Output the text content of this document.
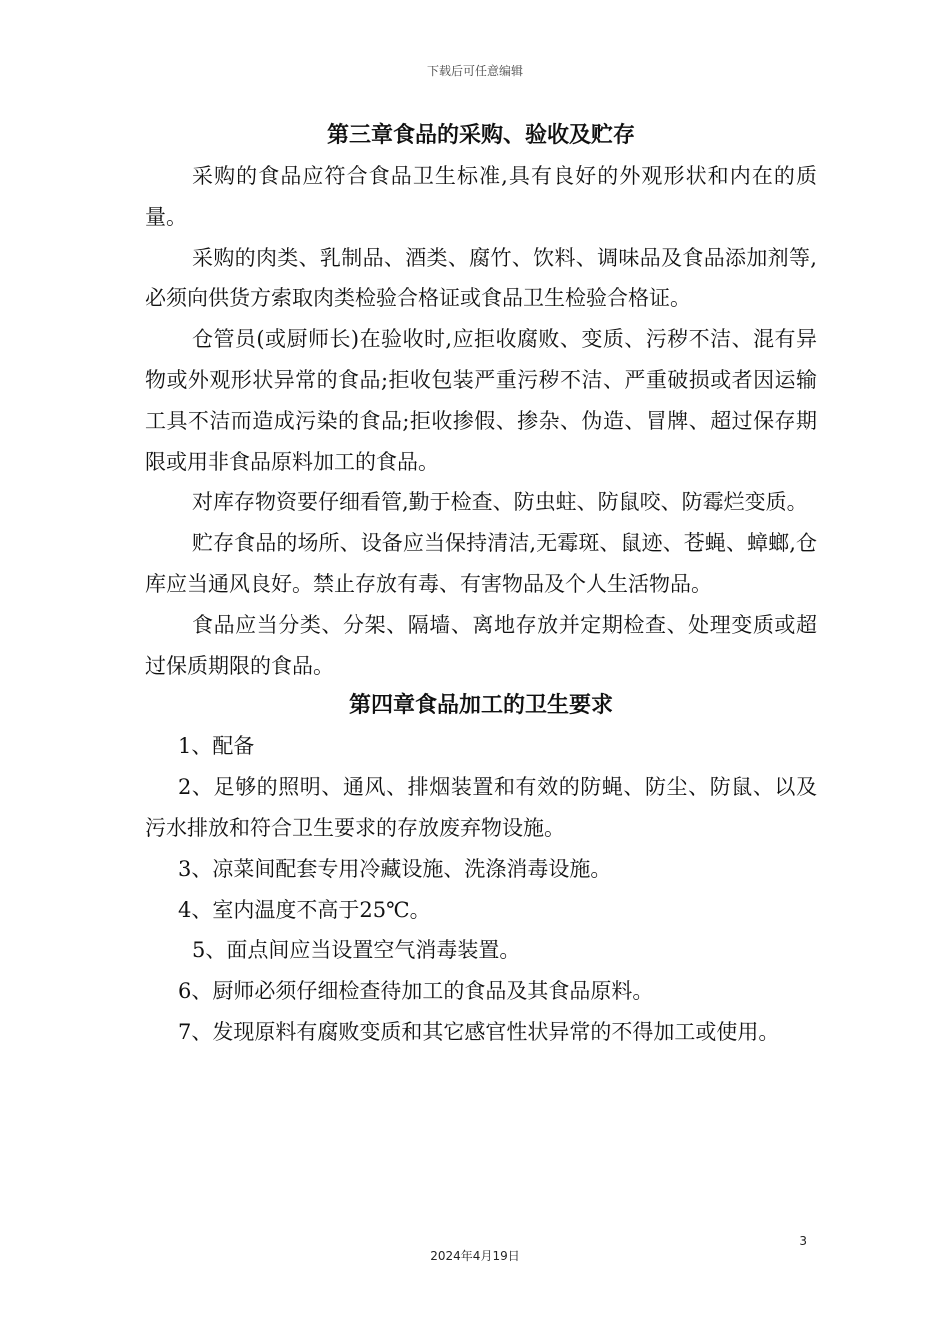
下载后可任意编辑
第三章食品的采购、验收及贮存

采购的食品应符合食品卫生标准,具有良好的外观形状和内在的质量。

采购的肉类、乳制品、酒类、腐竹、饮料、调味品及食品添加剂等,必须向供货方索取肉类检验合格证或食品卫生检验合格证。

仓管员(或厨师长)在验收时,应拒收腐败、变质、污秽不洁、混有异物或外观形状异常的食品;拒收包装严重污秽不洁、严重破损或者因运输工具不洁而造成污染的食品;拒收掺假、掺杂、伪造、冒牌、超过保存期限或用非食品原料加工的食品。

对库存物资要仔细看管,勤于检查、防虫蛀、防鼠咬、防霉烂变质。

贮存食品的场所、设备应当保持清洁,无霉斑、鼠迹、苍蝇、蟑螂,仓库应当通风良好。禁止存放有毒、有害物品及个人生活物品。

食品应当分类、分架、隔墙、离地存放并定期检查、处理变质或超过保质期限的食品。

第四章食品加工的卫生要求

1、配备

2、足够的照明、通风、排烟装置和有效的防蝇、防尘、防鼠、以及污水排放和符合卫生要求的存放废弃物设施。

3、凉菜间配套专用冷藏设施、洗涤消毒设施。

4、室内温度不高于25℃。

5、面点间应当设置空气消毒装置。

6、厨师必须仔细检查待加工的食品及其食品原料。

7、发现原料有腐败变质和其它感官性状异常的不得加工或使用。

3
2024年4月19日
